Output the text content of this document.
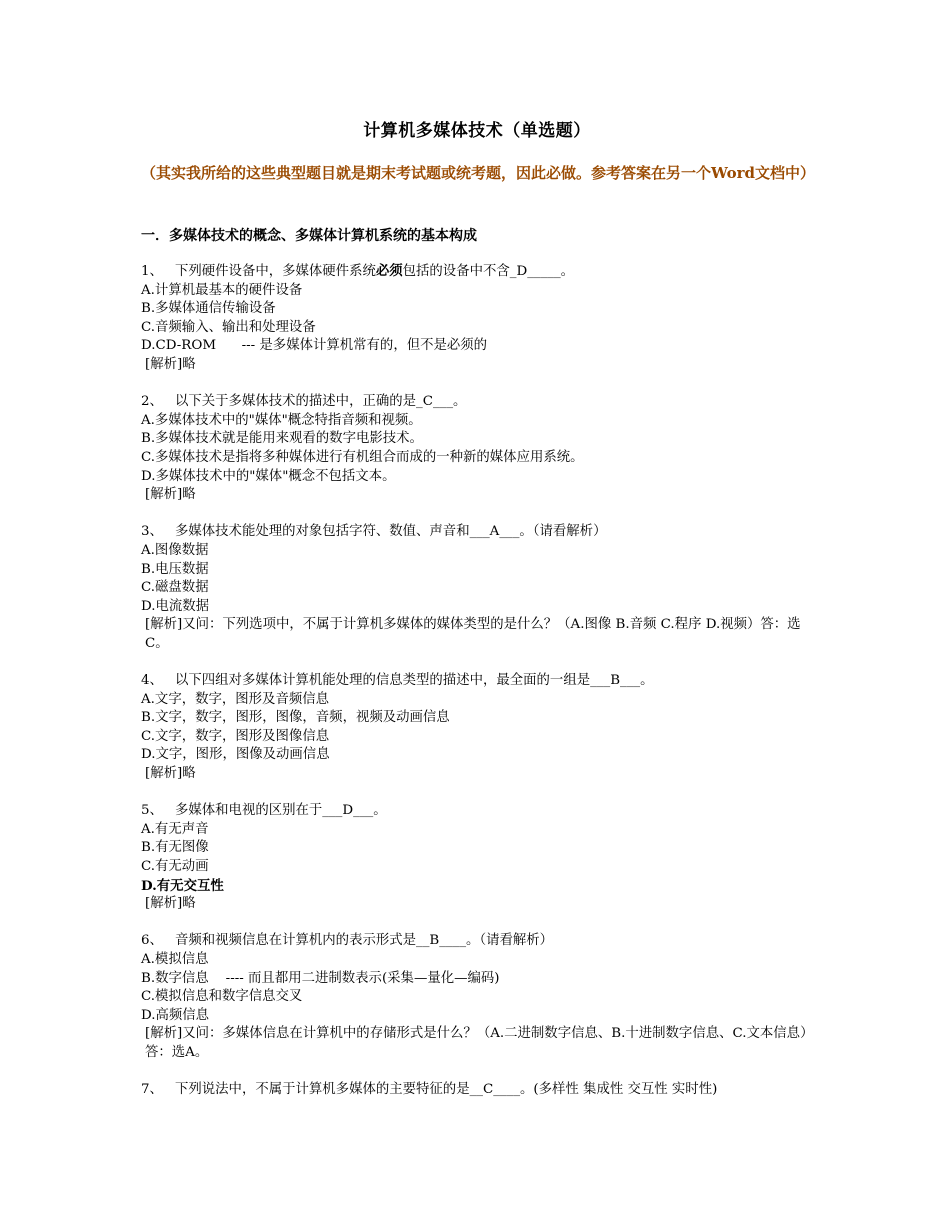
计算机多媒体技术（单选题）
（其实我所给的这些典型题目就是期末考试题或统考题，因此必做。参考答案在另一个Word文档中）
一．多媒体技术的概念、多媒体计算机系统的基本构成
1、 下列硬件设备中，多媒体硬件系统必须包括的设备中不含_D_____。
A.计算机最基本的硬件设备
B.多媒体通信传输设备
C.音频输入、输出和处理设备
D.CD-ROM      --- 是多媒体计算机常有的，但不是必须的
[解析]略
2、 以下关于多媒体技术的描述中，正确的是_C___。
A.多媒体技术中的"媒体"概念特指音频和视频。
B.多媒体技术就是能用来观看的数字电影技术。
C.多媒体技术是指将多种媒体进行有机组合而成的一种新的媒体应用系统。
D.多媒体技术中的"媒体"概念不包括文本。
[解析]略
3、 多媒体技术能处理的对象包括字符、数值、声音和___A___。（请看解析）
A.图像数据
B.电压数据
C.磁盘数据
D.电流数据
[解析]又问：下列选项中，不属于计算机多媒体的媒体类型的是什么？（A.图像 B.音频 C.程序 D.视频）答：选C。
4、 以下四组对多媒体计算机能处理的信息类型的描述中，最全面的一组是___B___。
A.文字，数字，图形及音频信息
B.文字，数字，图形，图像，音频，视频及动画信息
C.文字，数字，图形及图像信息
D.文字，图形，图像及动画信息
[解析]略
5、 多媒体和电视的区别在于___D___。
A.有无声音
B.有无图像
C.有无动画
D.有无交互性
[解析]略
6、 音频和视频信息在计算机内的表示形式是__B____。（请看解析）
A.模拟信息
B.数字信息    ---- 而且都用二进制数表示(采集—量化—编码)
C.模拟信息和数字信息交叉
D.高频信息
[解析]又问：多媒体信息在计算机中的存储形式是什么？（A.二进制数字信息、B.十进制数字信息、C.文本信息）答：选A。
7、 下列说法中，不属于计算机多媒体的主要特征的是__C____。(多样性 集成性 交互性 实时性)
